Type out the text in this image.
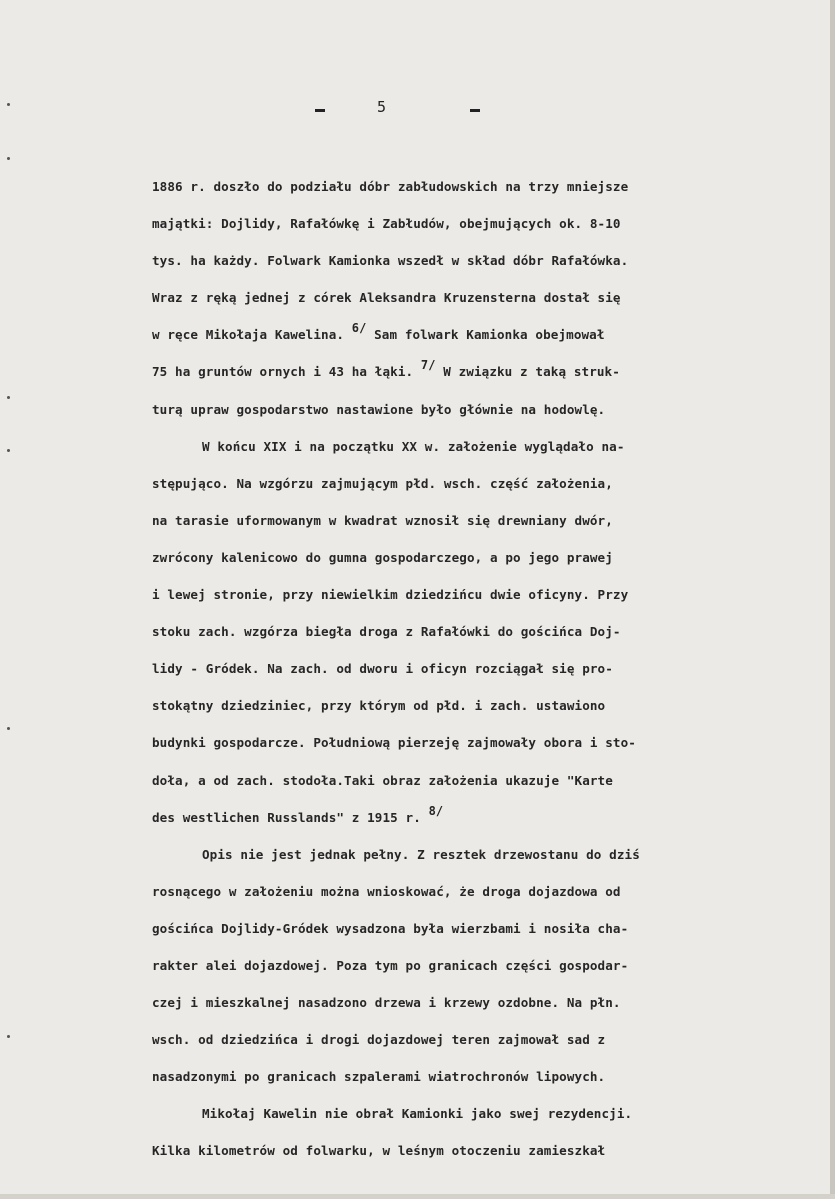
5
1886 r. doszło do podziału dóbr zabłudowskich na trzy mniejsze
majątki: Dojlidy, Rafałówkę i Zabłudów, obejmujących ok. 8-10
tys. ha każdy. Folwark Kamionka wszedł w skład dóbr Rafałówka.
Wraz z ręką jednej z córek Aleksandra Kruzensterna dostał się
w ręce Mikołaja Kawelina. $^{6/}$ Sam folwark Kamionka obejmował
75 ha gruntów ornych i 43 ha łąki. $^{7/}$ W związku z taką struk-
turą upraw gospodarstwo nastawione było głównie na hodowlę.
W końcu XIX i na początku XX w. założenie wyglądało na-
stępująco. Na wzgórzu zajmującym płd. wsch. część założenia,
na tarasie uformowanym w kwadrat wznosił się drewniany dwór,
zwrócony kalenicowo do gumna gospodarczego, a po jego prawej
i lewej stronie, przy niewielkim dziedzińcu dwie oficyny. Przy
stoku zach. wzgórza biegła droga z Rafałówki do gościńca Doj-
lidy - Gródek. Na zach. od dworu i oficyn rozciągał się pro-
stokątny dziedziniec, przy którym od płd. i zach. ustawiono
budynki gospodarcze. Południową pierzeję zajmowały obora i sto-
doła, a od zach. stodoła.Taki obraz założenia ukazuje "Karte
des westlichen Russlands" z 1915 r. $^{8/}$
Opis nie jest jednak pełny. Z resztek drzewostanu do dziś
rosnącego w założeniu można wnioskować, że droga dojazdowa od
gościńca Dojlidy-Gródek wysadzona była wierzbami i nosiła cha-
rakter alei dojazdowej. Poza tym po granicach części gospodar-
czej i mieszkalnej nasadzono drzewa i krzewy ozdobne. Na płn.
wsch. od dziedzińca i drogi dojazdowej teren zajmował sad z
nasadzonymi po granicach szpalerami wiatrochronów lipowych.
Mikołaj Kawelin nie obrał Kamionki jako swej rezydencji.
Kilka kilometrów od folwarku, w leśnym otoczeniu zamieszkał
